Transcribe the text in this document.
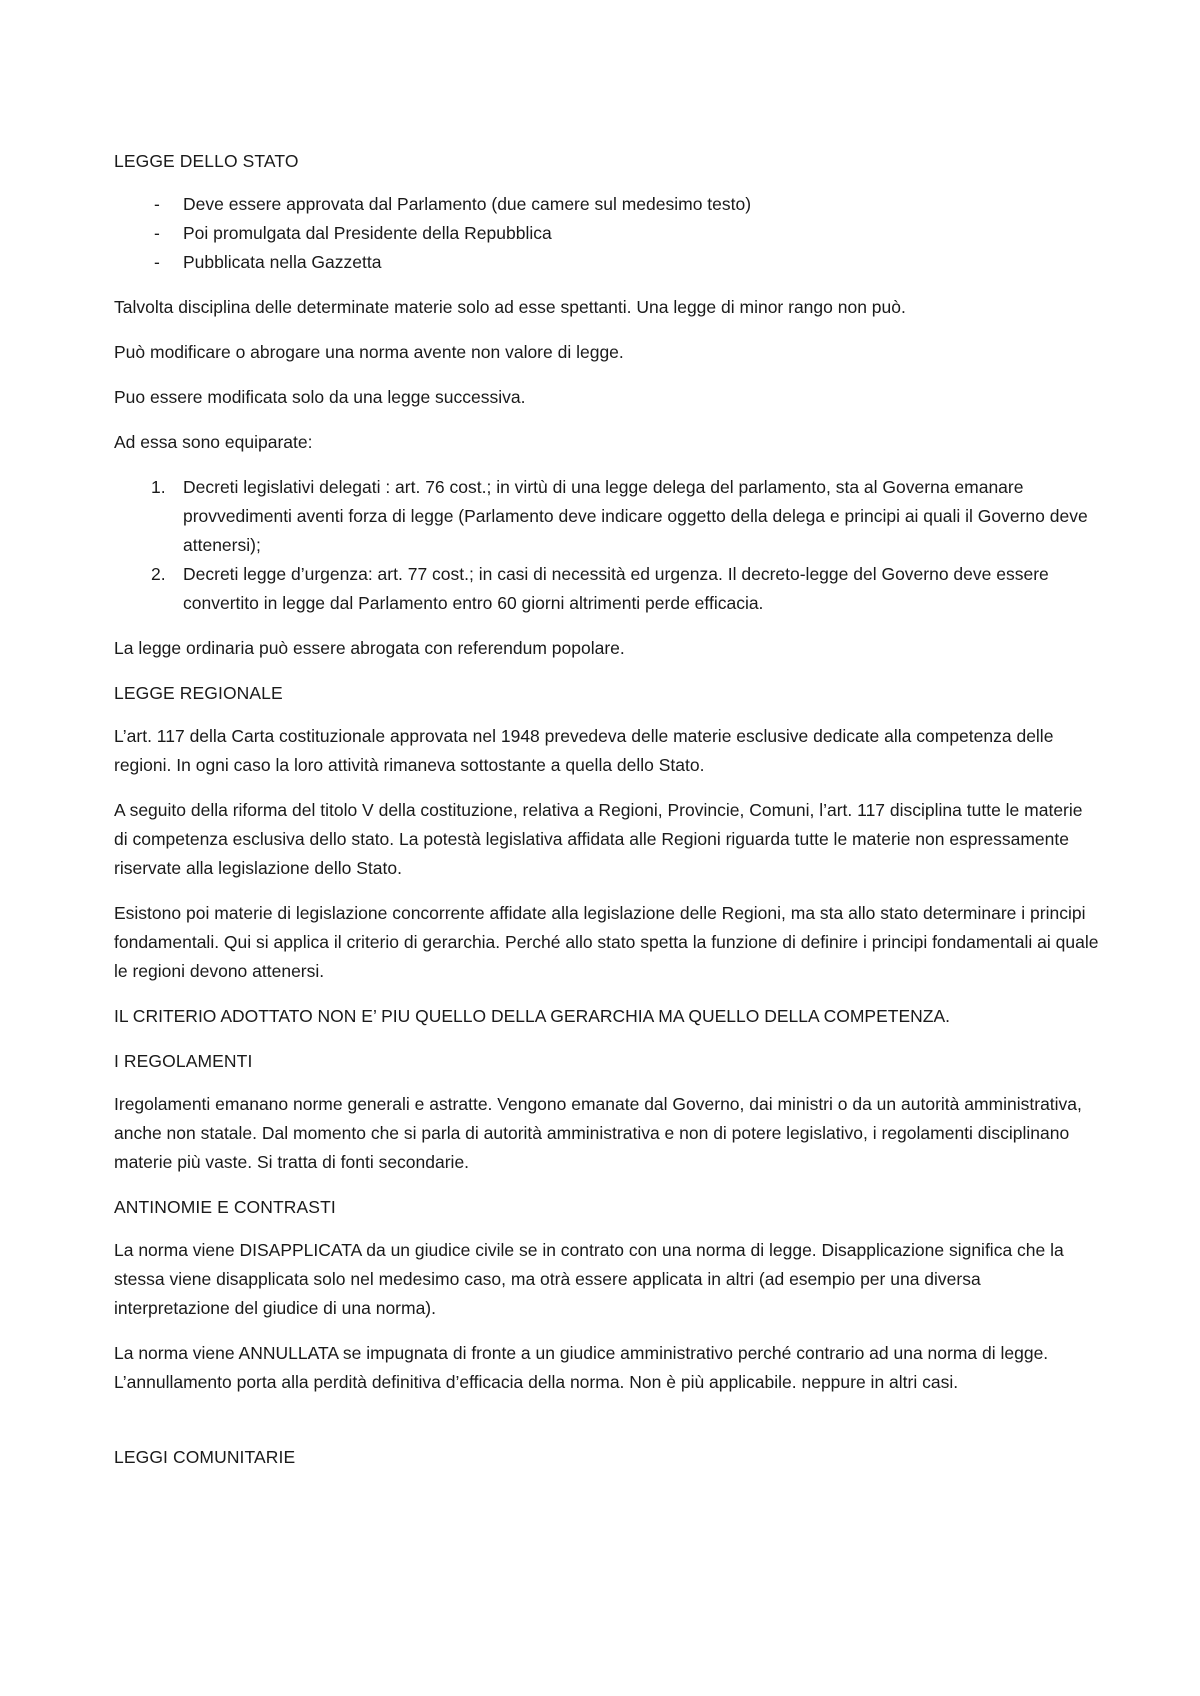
LEGGE DELLO STATO

- Deve essere approvata dal Parlamento (due camere sul medesimo testo)
- Poi promulgata dal Presidente della Repubblica
- Pubblicata nella Gazzetta

Talvolta disciplina delle determinate materie solo ad esse spettanti. Una legge di minor rango non può.

Può modificare o abrogare una norma avente non valore di legge.

Puo essere modificata solo da una legge successiva.

Ad essa sono equiparate:

1. Decreti legislativi delegati : art. 76 cost.; in virtù di una legge delega del parlamento, sta al Governa emanare provvedimenti aventi forza di legge (Parlamento deve indicare oggetto della delega e principi ai quali il Governo deve attenersi);
2. Decreti legge d’urgenza: art. 77 cost.; in casi di necessità ed urgenza. Il decreto-legge del Governo deve essere convertito in legge dal Parlamento entro 60 giorni altrimenti perde efficacia.

La legge ordinaria può essere abrogata con referendum popolare.

LEGGE REGIONALE

L’art. 117 della Carta costituzionale approvata nel 1948 prevedeva delle materie esclusive dedicate alla competenza delle regioni. In ogni caso la loro attività rimaneva sottostante a quella dello Stato.

A seguito della riforma del titolo V della costituzione, relativa a Regioni, Provincie, Comuni, l’art. 117 disciplina tutte le materie di competenza esclusiva dello stato. La potestà legislativa affidata alle Regioni riguarda tutte le materie non espressamente riservate alla legislazione dello Stato.

Esistono poi materie di legislazione concorrente affidate alla legislazione delle Regioni, ma sta allo stato determinare i principi fondamentali. Qui si applica il criterio di gerarchia. Perché allo stato spetta la funzione di definire i principi fondamentali ai quale le regioni devono attenersi.

IL CRITERIO ADOTTATO NON E’ PIU QUELLO DELLA GERARCHIA MA QUELLO DELLA COMPETENZA.

I REGOLAMENTI

Iregolamenti emanano norme generali e astratte. Vengono emanate dal Governo, dai ministri o da un autorità amministrativa, anche non statale. Dal momento che si parla di autorità amministrativa e non di potere legislativo, i regolamenti disciplinano materie più vaste. Si tratta di fonti secondarie.

ANTINOMIE E CONTRASTI

La norma viene DISAPPLICATA da un giudice civile se in contrato con una norma di legge. Disapplicazione significa che la stessa viene disapplicata solo nel medesimo caso, ma otrà essere applicata in altri (ad esempio per una diversa interpretazione del giudice di una norma).

La norma viene ANNULLATA se impugnata di fronte a un giudice amministrativo perché contrario ad una norma di legge. L’annullamento porta alla perdità definitiva d’efficacia della norma. Non è più applicabile. neppure in altri casi.

LEGGI COMUNITARIE
